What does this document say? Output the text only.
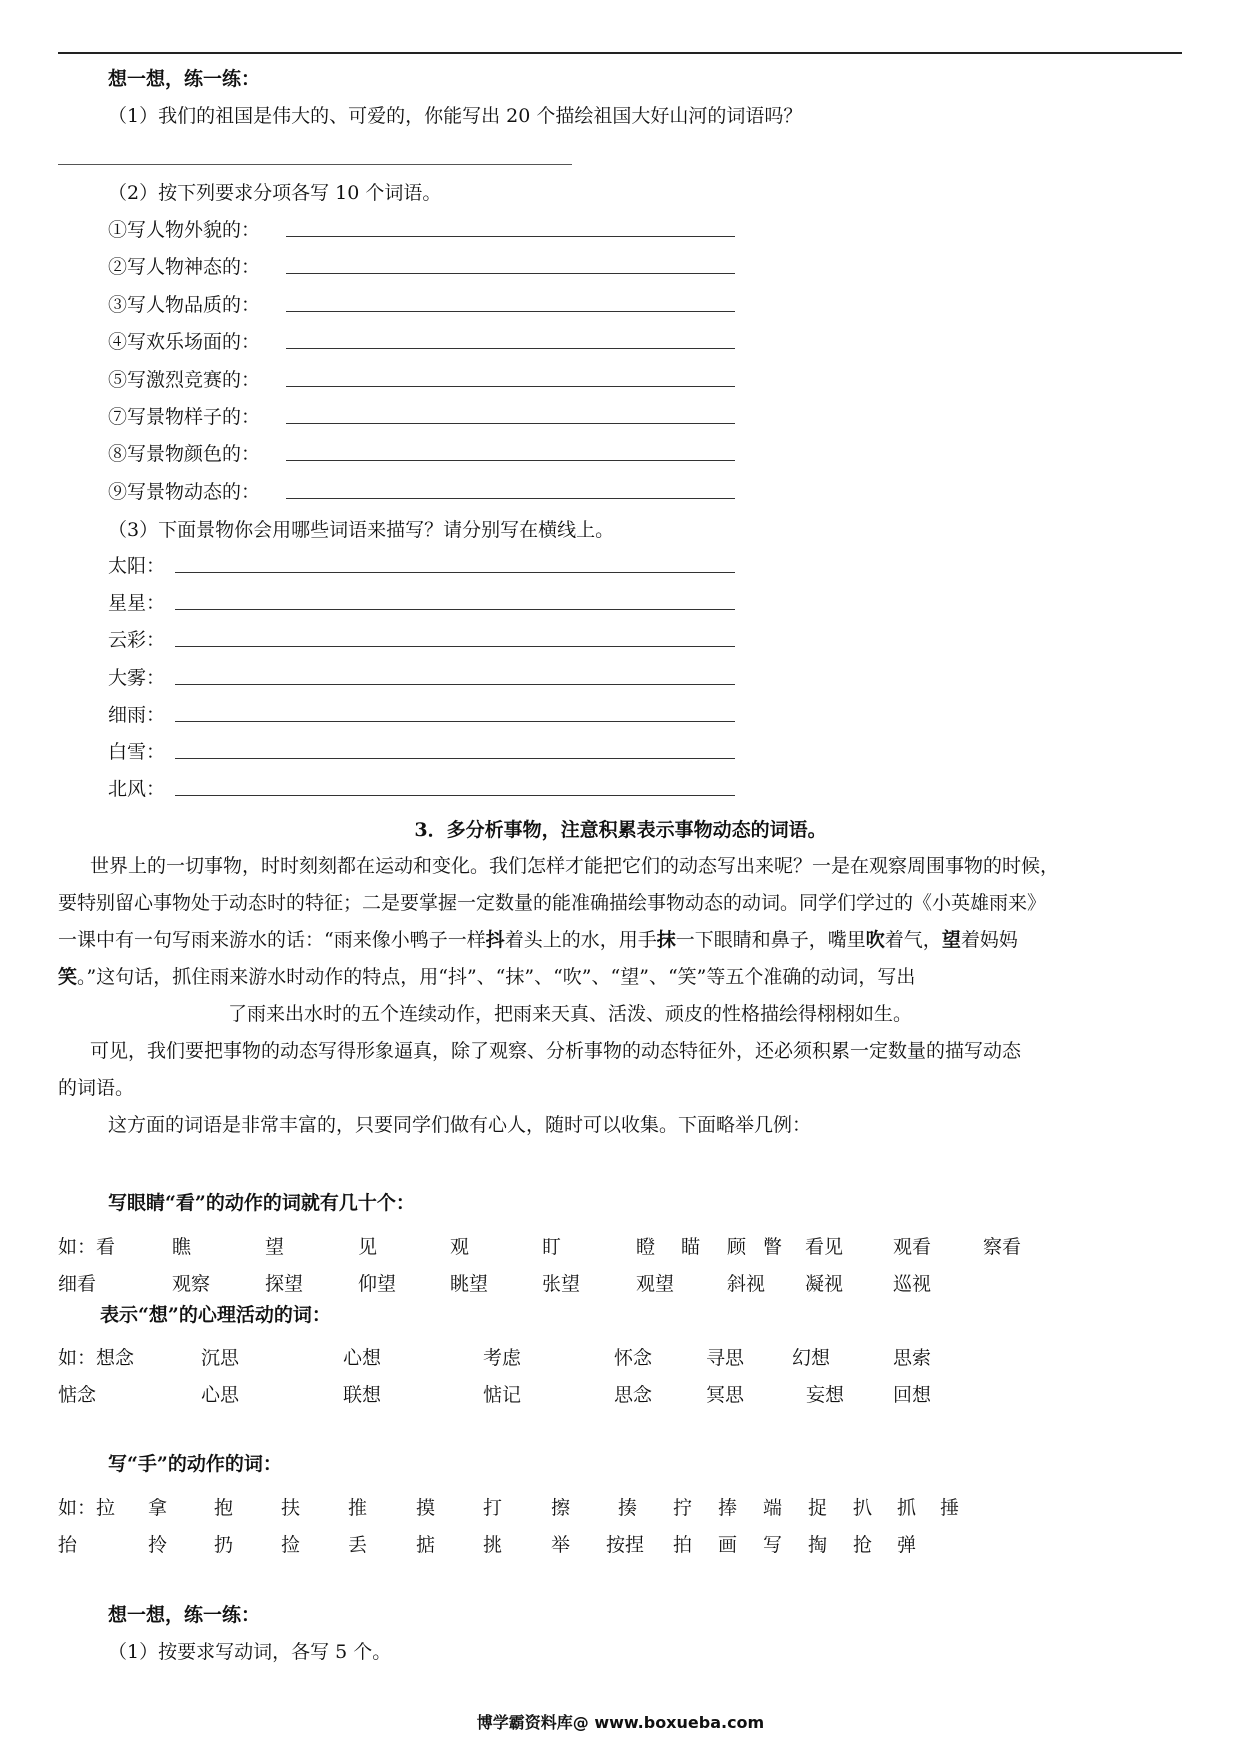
想一想，练一练：
（1）我们的祖国是伟大的、可爱的，你能写出 20 个描绘祖国大好山河的词语吗？
（2）按下列要求分项各写 10 个词语。
①写人物外貌的：
②写人物神态的：
③写人物品质的：
④写欢乐场面的：
⑤写激烈竞赛的：
⑦写景物样子的：
⑧写景物颜色的：
⑨写景物动态的：
（3）下面景物你会用哪些词语来描写？请分别写在横线上。
太阳：
星星：
云彩：
大雾：
细雨：
白雪：
北风：
3．多分析事物，注意积累表示事物动态的词语。
世界上的一切事物，时时刻刻都在运动和变化。我们怎样才能把它们的动态写出来呢？一是在观察周围事物的时候，
要特别留心事物处于动态时的特征；二是要掌握一定数量的能准确描绘事物动态的动词。同学们学过的《小英雄雨来》
一课中有一句写雨来游水的话：“雨来像小鸭子一样抖着头上的水，用手抹一下眼睛和鼻子，嘴里吹着气，望着妈妈
笑。”这句话，抓住雨来游水时动作的特点，用“抖”、“抹”、“吹”、“望”、“笑”等五个准确的动词，写出
了雨来出水时的五个连续动作，把雨来天真、活泼、顽皮的性格描绘得栩栩如生。
可见，我们要把事物的动态写得形象逼真，除了观察、分析事物的动态特征外，还必须积累一定数量的描写动态
的词语。
这方面的词语是非常丰富的，只要同学们做有心人，随时可以收集。下面略举几例：
写眼睛“看”的动作的词就有几十个：
如：看	瞧	望	见	观	盯	瞪 瞄 顾 瞥 看见	观看	察看
细看	观察	探望	仰望	眺望	张望	观望	斜视 凝视	巡视
表示“想”的心理活动的词：
如：想念	沉思	心想	考虑	怀念	寻思	幻想	思索
惦念	心思	联想	惦记	思念	冥思	妄想	回想
写“手”的动作的词：
如：拉 拿 抱	扶	推	摸	打	擦	揍 拧 捧 端 捉 扒 抓 捶
抬	拎 扔	捡	丢	掂	挑	举 按捏 拍 画 写 掏 抢 弹
想一想，练一练：
（1）按要求写动词，各写 5 个。
博学霸资料库@ www.boxueba.com
